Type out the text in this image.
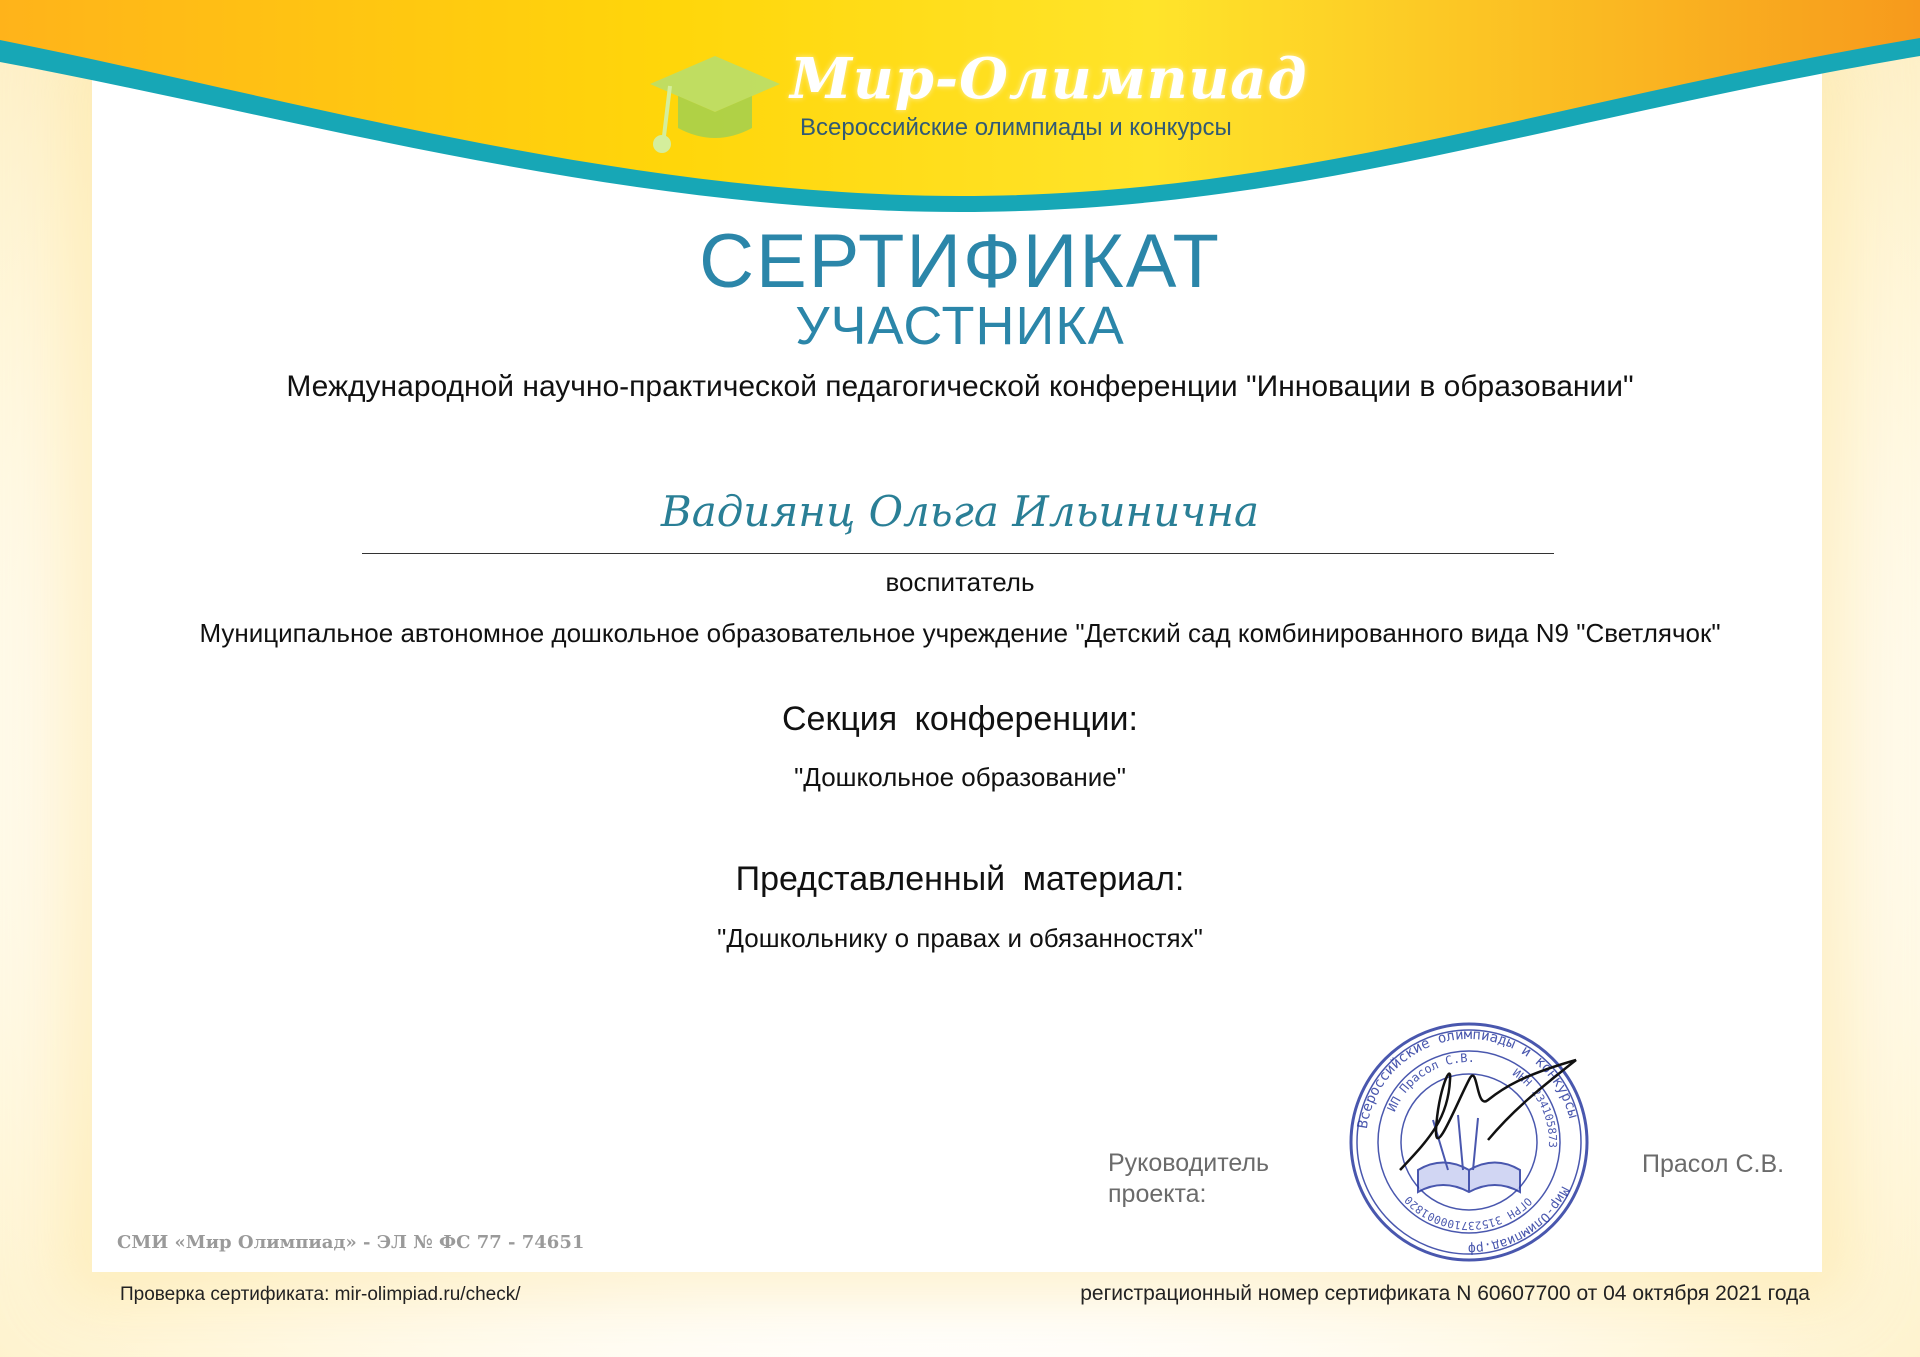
Мир-Олимпиад
Всероссийские олимпиады и конкурсы
СЕРТИФИКАТ
УЧАСТНИКА
Международной научно-практической педагогической конференции "Инновации в образовании"
Вадиянц Ольга Ильинична
воспитатель
Муниципальное автономное дошкольное образовательное учреждение "Детский сад комбинированного вида N9 "Светлячок"
Секция конференции:
"Дошкольное образование"
Представленный материал:
"Дошкольнику о правах и обязанностях"
Руководитель
проекта:
Прасол С.В.
Всероссийские олимпиады и конкурсы
Мир-Олимпиад.рф
ИП Прасол С.В.
ИНН 234105873
ОГРН 315237100001820
СМИ «Мир Олимпиад» - ЭЛ № ФС 77 - 74651
Проверка сертификата: mir-olimpiad.ru/check/	регистрационный номер сертификата N 60607700 от 04 октября 2021 года
